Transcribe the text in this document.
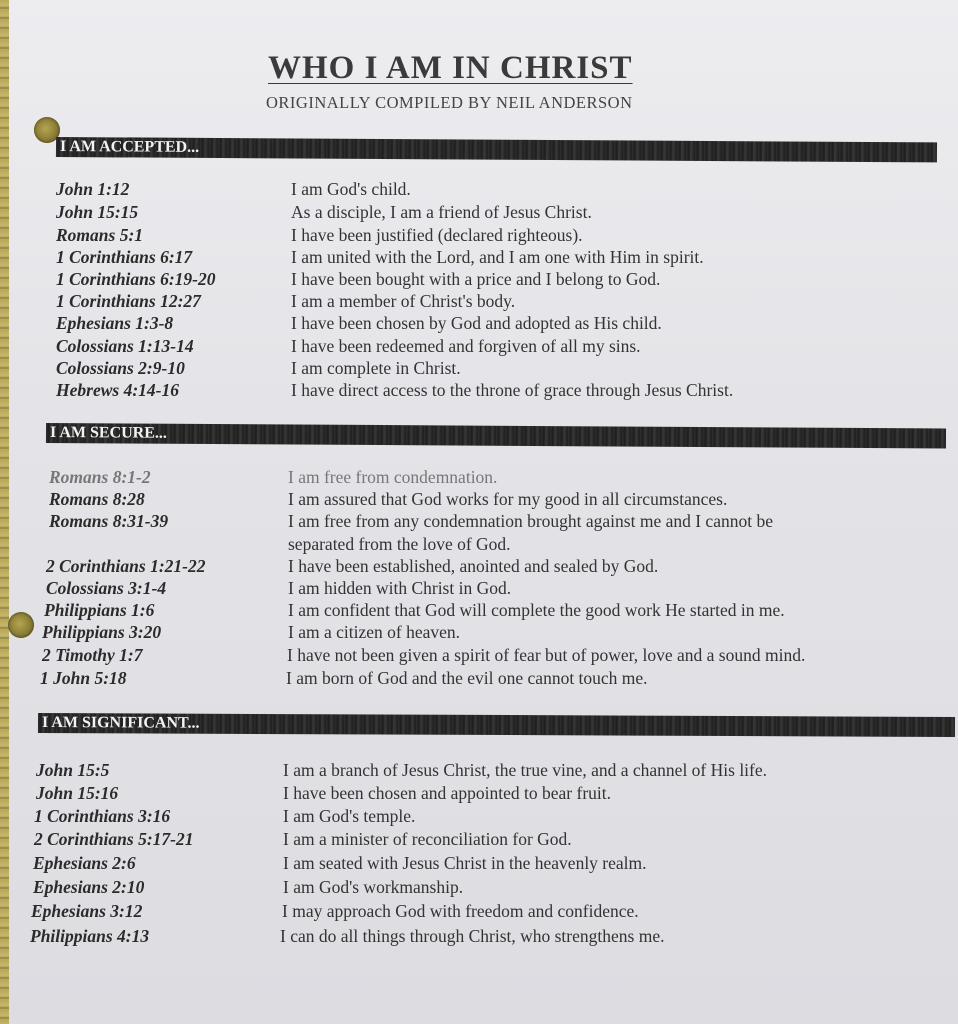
WHO I AM IN CHRIST
ORIGINALLY COMPILED BY NEIL ANDERSON
I AM ACCEPTED...
John 1:12	I am God's child.
John 15:15	As a disciple, I am a friend of Jesus Christ.
Romans 5:1	I have been justified (declared righteous).
1 Corinthians 6:17	I am united with the Lord, and I am one with Him in spirit.
1 Corinthians 6:19-20	I have been bought with a price and I belong to God.
1 Corinthians 12:27	I am a member of Christ's body.
Ephesians 1:3-8	I have been chosen by God and adopted as His child.
Colossians 1:13-14	I have been redeemed and forgiven of all my sins.
Colossians 2:9-10	I am complete in Christ.
Hebrews 4:14-16	I have direct access to the throne of grace through Jesus Christ.
I AM SECURE...
Romans 8:1-2	I am free from condemnation.
Romans 8:28	I am assured that God works for my good in all circumstances.
Romans 8:31-39	I am free from any condemnation brought against me and I cannot be
separated from the love of God.
2 Corinthians 1:21-22	I have been established, anointed and sealed by God.
Colossians 3:1-4	I am hidden with Christ in God.
Philippians 1:6	I am confident that God will complete the good work He started in me.
Philippians 3:20	I am a citizen of heaven.
2 Timothy 1:7	I have not been given a spirit of fear but of power, love and a sound mind.
1 John 5:18	I am born of God and the evil one cannot touch me.
I AM SIGNIFICANT...
John 15:5	I am a branch of Jesus Christ, the true vine, and a channel of His life.
John 15:16	I have been chosen and appointed to bear fruit.
1 Corinthians 3:16	I am God's temple.
2 Corinthians 5:17-21	I am a minister of reconciliation for God.
Ephesians 2:6	I am seated with Jesus Christ in the heavenly realm.
Ephesians 2:10	I am God's workmanship.
Ephesians 3:12	I may approach God with freedom and confidence.
Philippians 4:13	I can do all things through Christ, who strengthens me.
